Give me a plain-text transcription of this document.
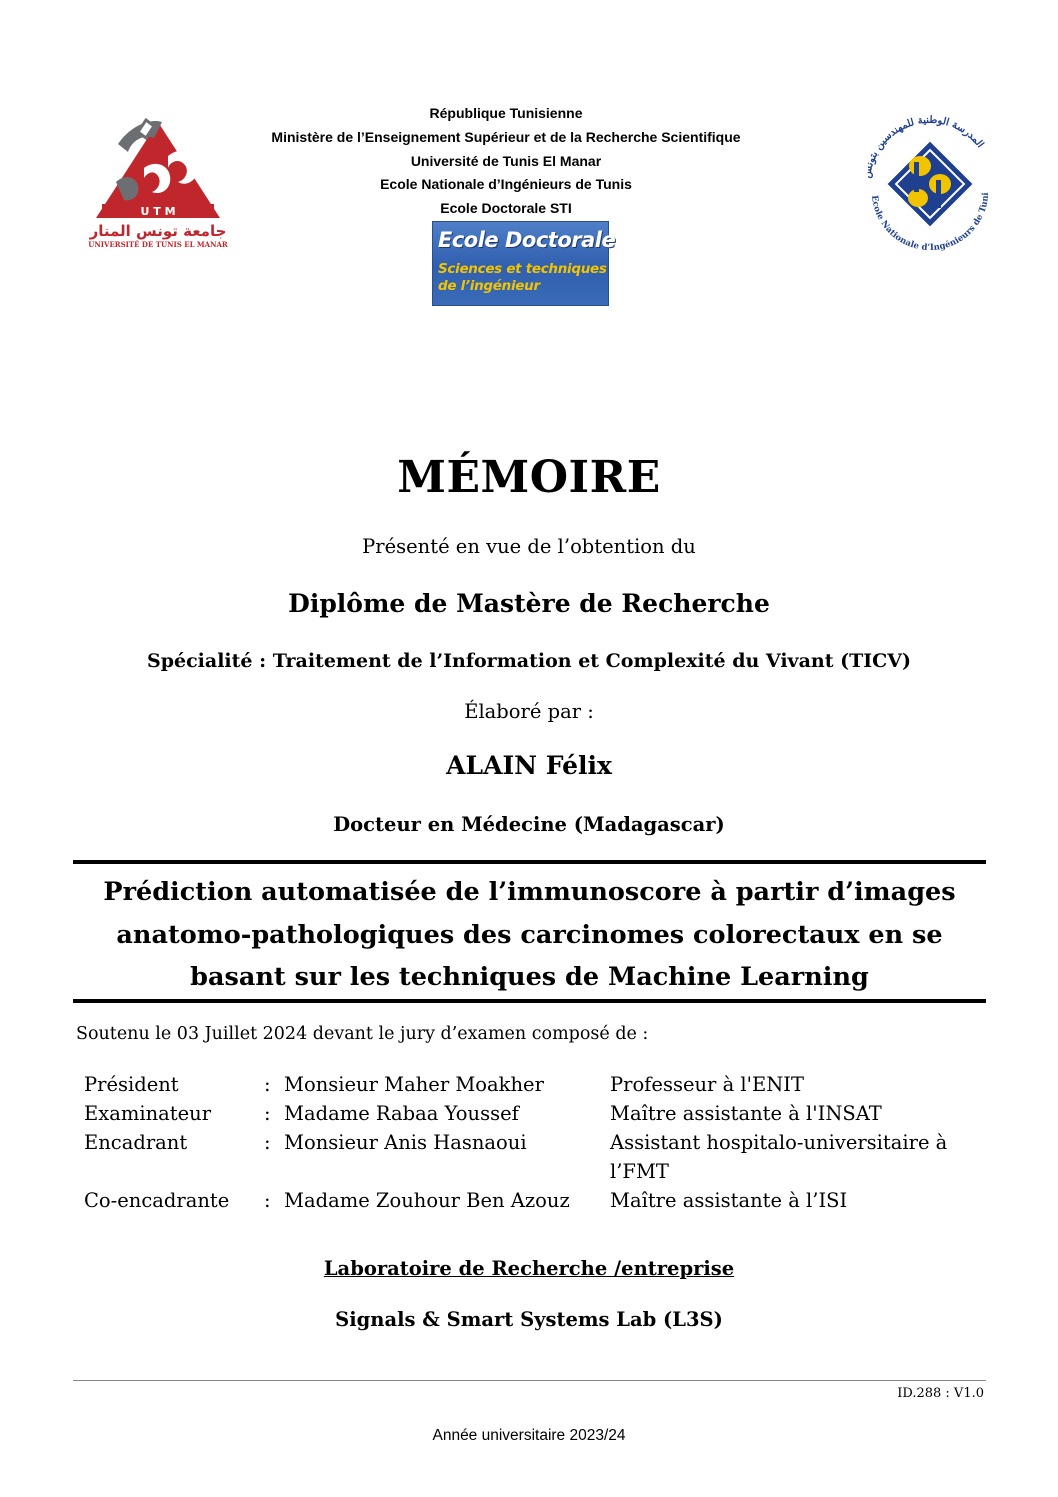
U T M
جامعة تونس المنار
UNIVERSITÉ DE TUNIS EL MANAR
République Tunisienne
Ministère de l’Enseignement Supérieur et de la Recherche Scientifique
Université de Tunis El Manar
Ecole Nationale d’Ingénieurs de Tunis
Ecole Doctorale STI
Ecole Doctorale
Sciences et techniques
de l’ingénieur
المدرسة الوطنية للمهندسين بتونس
Ecole Nationale d’Ingénieurs de Tuni
MÉMOIRE
Présenté en vue de l’obtention du
Diplôme de Mastère de Recherche
Spécialité : Traitement de l’Information et Complexité du Vivant (TICV)
Élaboré par :
ALAIN Félix
Docteur en Médecine (Madagascar)
Prédiction automatisée de l’immunoscore à partir d’images anatomo-pathologiques des carcinomes colorectaux en se basant sur les techniques de Machine Learning
Soutenu le 03 Juillet 2024 devant le jury d’examen composé de :
Président	:	Monsieur Maher Moakher	Professeur à l'ENIT
Examinateur	:	Madame Rabaa Youssef	Maître assistante à l'INSAT
Encadrant	:	Monsieur Anis Hasnaoui	Assistant hospitalo-universitaire à l’FMT
Co-encadrante	:	Madame Zouhour Ben Azouz	Maître assistante à l’ISI
Laboratoire de Recherche /entreprise
Signals & Smart Systems Lab (L3S)
ID.288 : V1.0
Année universitaire 2023/24
